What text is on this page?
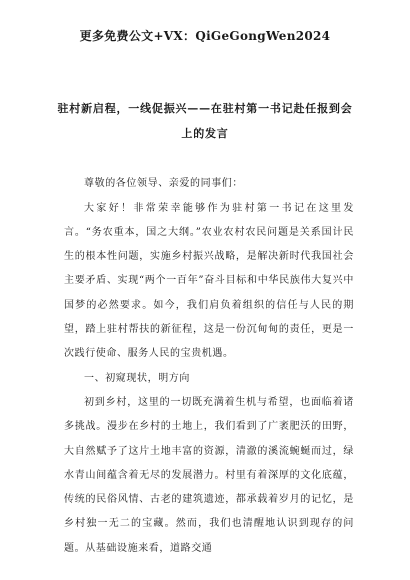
更多免费公文+VX：QiGeGongWen2024
驻村新启程，一线促振兴——在驻村第一书记赴任报到会
上的发言

尊敬的各位领导、亲爱的同事们：

大家好！非常荣幸能够作为驻村第一书记在这里发言。“务农重本，国之大纲。”农业农村农民问题是关系国计民生的根本性问题，实施乡村振兴战略，是解决新时代我国社会主要矛盾、实现“两个一百年”奋斗目标和中华民族伟大复兴中国梦的必然要求。如今，我们肩负着组织的信任与人民的期望，踏上驻村帮扶的新征程，这是一份沉甸甸的责任，更是一次践行使命、服务人民的宝贵机遇。

一、初窥现状，明方向

初到乡村，这里的一切既充满着生机与希望，也面临着诸多挑战。漫步在乡村的土地上，我们看到了广袤肥沃的田野，大自然赋予了这片土地丰富的资源，清澈的溪流蜿蜒而过，绿水青山间蕴含着无尽的发展潜力。村里有着深厚的文化底蕴，传统的民俗风情、古老的建筑遗迹，都承载着岁月的记忆，是乡村独一无二的宝藏。然而，我们也清醒地认识到现存的问题。从基础设施来看，道路交通
